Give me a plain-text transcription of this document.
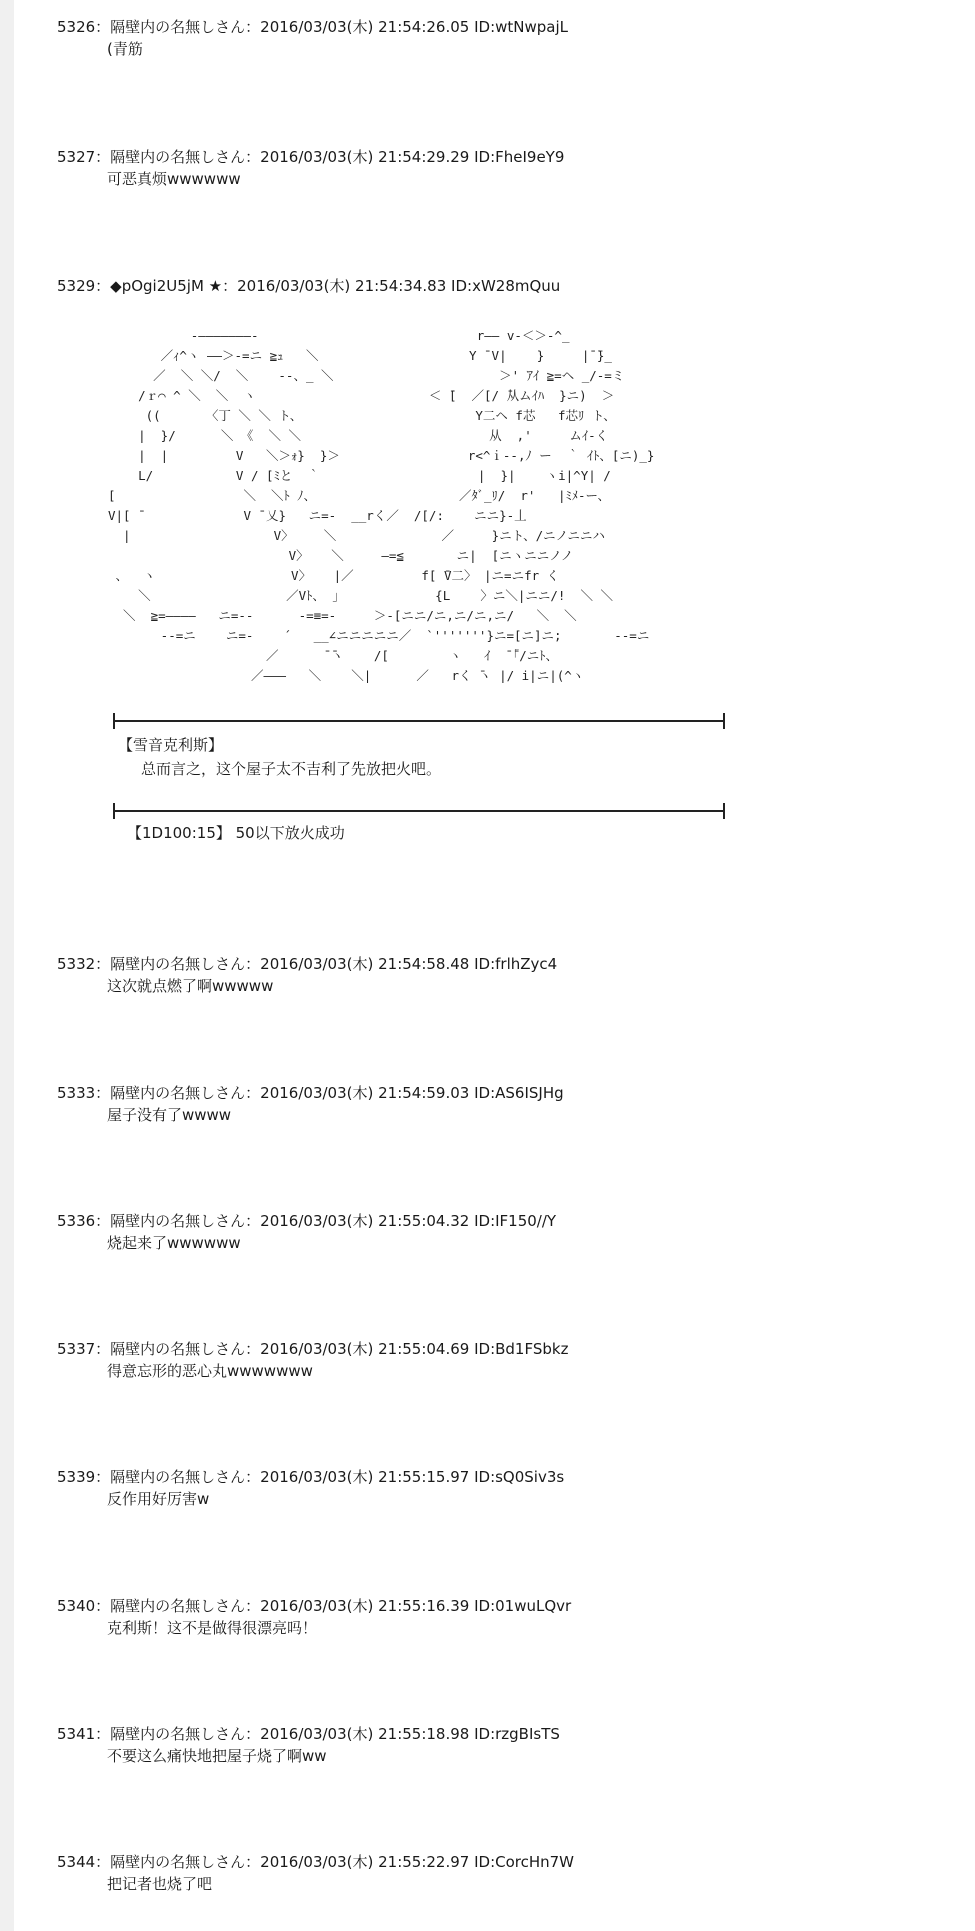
5326：隔壁内の名無しさん：2016/03/03(木) 21:54:26.05 ID:wtNwpajL
(青筋
5327：隔壁内の名無しさん：2016/03/03(木) 21:54:29.29 ID:FheI9eY9
可恶真烦wwwwww
5329：◆pOgi2U5jM ★：2016/03/03(木) 21:54:34.83 ID:xW28mQuu
-―――――――-                             r―― v-＜＞-^_
／ｨ^ヽ ――＞-=ニ ≧ｭ   ＼                    Y ̄ V|    }     |̄ ̄}_
／  ＼ ＼/  ＼    ‐‐、_ ＼                      ＞' ｱｲ ≧=ヘ _/-=ミ
/ｒ⌒ ^ ＼  ＼  ヽ                       ＜ ̄[  ／[/ ̄从ムｲﾊ  }ニ)  ＞
((      〈丁 ＼ ＼ ト、                       Y二ヘ f芯   f芯ﾘ ト、
|  }/      ＼ 《  ＼ ＼                         从  ,'     ムｲ-く
|  |         V   ＼＞ｫ}  }＞                 r<^ｉ--,ﾉ ー  ｀ ｲﾄ、[ニ)_}
L/           V / [ﾐと  ｀                     |  }|    ヽi|^Y| /
[                 ＼  ＼ﾄ ﾉ、                   ／ﾀﾞ_ﾘ/  r'   |ﾐﾒ-ー、
V|[ ̄              V ̄ 乂}   ニ=-  __rく／  /[/:    ニニ}-丄
|                   V〉    ＼              ／     }ニト、/ニノニニハ
V〉   ＼     ―=≦       ニ|  [ニヽニニノノ
、  ヽ                  V〉   |／         f[ ̄V二〉 |ニ=ニfr く
＼                  ／Vﾄ、 」            {L    〉ニ＼|ニニ/!  ＼ ＼
＼  ≧=――――   ニ=‐-      -=≡=-     ＞-[ニニ/ニ,ニ/ニ,ニ/   ＼  ＼
--=ニ    ニ=-    ´   __∠ニニニニニ／  `'''''''}ニ=[ニ]ニ;       --=ニ
／      ̄ ̄ヽ    /[        ヽ   ｲ  ̄ ̄｢/ニﾄ、
／―――   ＼    ＼|      ／   rく ̄ヽ |/ i|ニ|(^ヽ
【雪音克利斯】
总而言之，这个屋子太不吉利了先放把火吧。
【1D100:15】 50以下放火成功
5332：隔壁内の名無しさん：2016/03/03(木) 21:54:58.48 ID:frlhZyc4
这次就点燃了啊wwwww
5333：隔壁内の名無しさん：2016/03/03(木) 21:54:59.03 ID:AS6ISJHg
屋子没有了wwww
5336：隔壁内の名無しさん：2016/03/03(木) 21:55:04.32 ID:IF150//Y
烧起来了wwwwww
5337：隔壁内の名無しさん：2016/03/03(木) 21:55:04.69 ID:Bd1FSbkz
得意忘形的恶心丸wwwwwww
5339：隔壁内の名無しさん：2016/03/03(木) 21:55:15.97 ID:sQ0Siv3s
反作用好厉害w
5340：隔壁内の名無しさん：2016/03/03(木) 21:55:16.39 ID:01wuLQvr
克利斯！这不是做得很漂亮吗！
5341：隔壁内の名無しさん：2016/03/03(木) 21:55:18.98 ID:rzgBIsTS
不要这么痛快地把屋子烧了啊ww
5344：隔壁内の名無しさん：2016/03/03(木) 21:55:22.97 ID:CorcHn7W
把记者也烧了吧
